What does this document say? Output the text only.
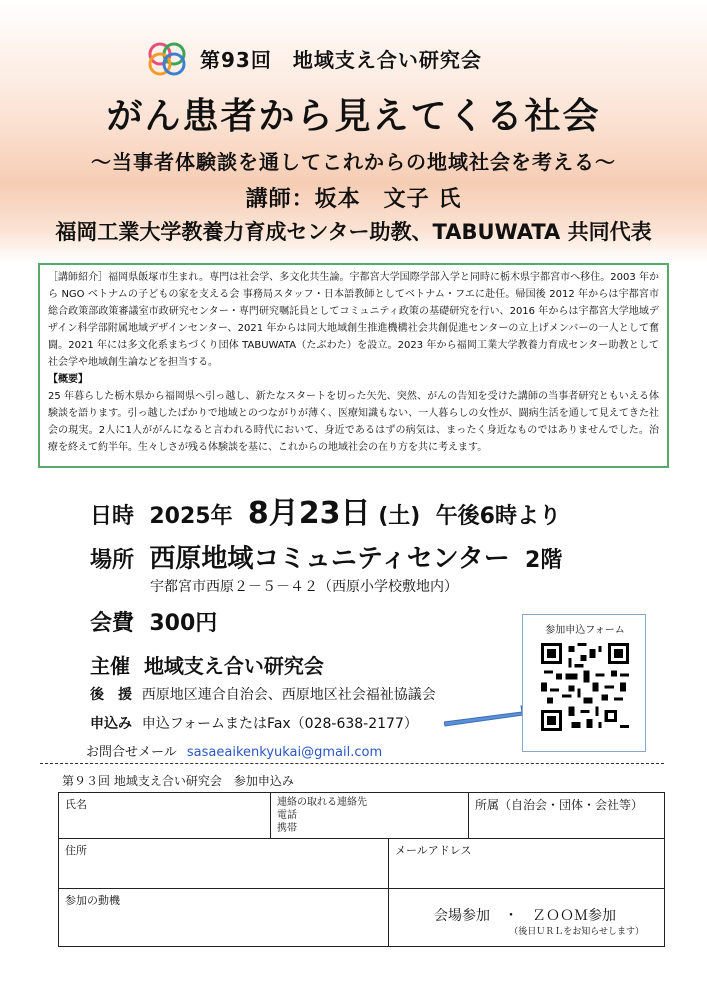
第93回　地域支え合い研究会
がん患者から見えてくる社会
～当事者体験談を通してこれからの地域社会を考える～
講師：坂本　文子 氏
福岡工業大学教養力育成センター助教、TABUWATA 共同代表

［講師紹介］福岡県飯塚市生まれ。専門は社会学、多文化共生論。宇都宮大学国際学部入学と同時に栃木県宇都宮市へ移住。2003 年から NGO ベトナムの子どもの家を支える会 事務局スタッフ・日本語教師としてベトナム・フエに赴任。帰国後 2012 年からは宇都宮市総合政策部政策審議室市政研究センター・専門研究嘱託員としてコミュニティ政策の基礎研究を行い、2016 年からは宇都宮大学地域デザイン科学部附属地域デザインセンター、2021 年からは同大地域創生推進機構社会共創促進センターの立上げメンバーの一人として奮闘。2021 年には多文化系まちづくり団体 TABUWATA（たぶわた）を設立。2023 年から福岡工業大学教養力育成センター助教として社会学や地域創生論などを担当する。

【概要】

25 年暮らした栃木県から福岡県へ引っ越し、新たなスタートを切った矢先、突然、がんの告知を受けた講師の当事者研究ともいえる体験談を語ります。引っ越したばかりで地域とのつながりが薄く、医療知識もない、一人暮らしの女性が、闘病生活を通して見えてきた社会の現実。2人に1人ががんになると言われる時代において、身近であるはずの病気は、まったく身近なものではありませんでした。治療を終えて約半年。生々しさが残る体験談を基に、これからの地域社会の在り方を共に考えます。

日時 2025年 8月23日 (土) 午後6時より
場所 西原地域コミュニティセンター 2階
宇都宮市西原２－５－４２（西原小学校敷地内）
会費 300円
主催 地域支え合い研究会
後　援 西原地区連合自治会、西原地区社会福祉協議会
申込み 申込フォームまたはFax（028-638-2177）
お問合せメール sasaeaikenkyukai@gmail.com
参加申込フォーム
第９３回 地域支え合い研究会　参加申込み
氏名	連絡の取れる連絡先
電話
携帯
所属（自治会・団体・会社等）
住所	メールアドレス
参加の動機
会場参加　・　ＺＯＯＭ参加
（後日ＵＲＬをお知らせします）
